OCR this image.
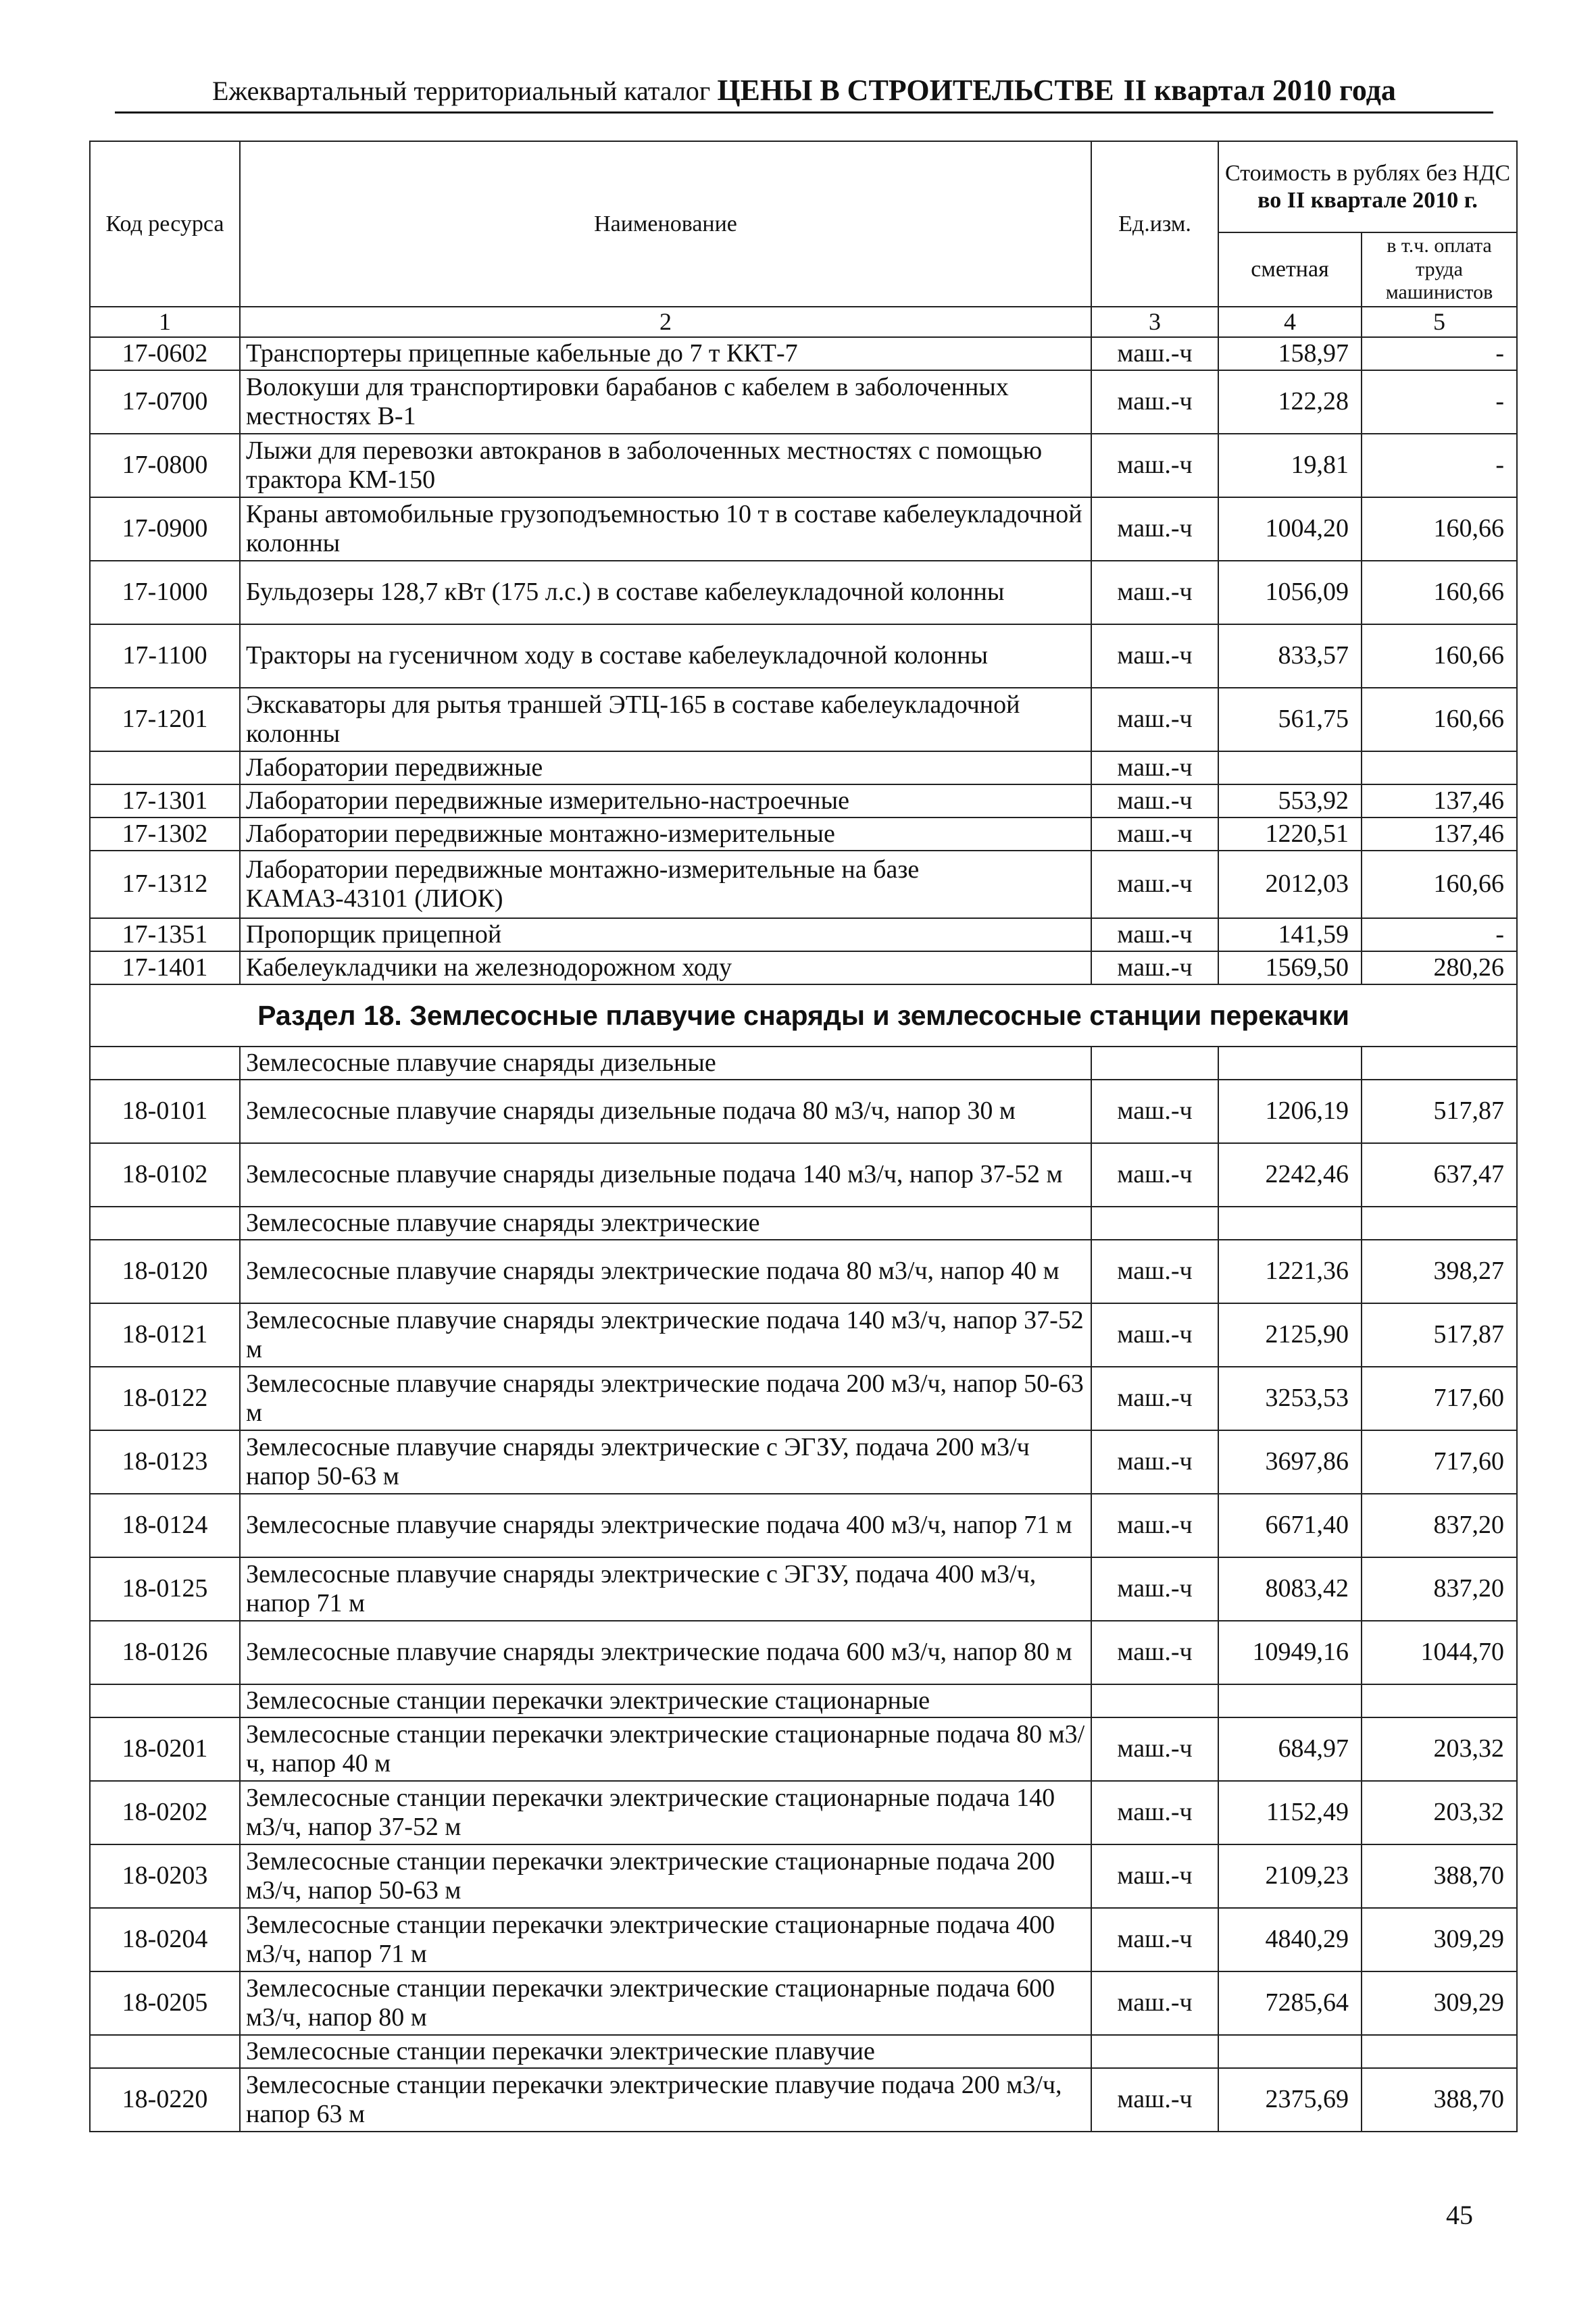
Ежеквартальный территориальный каталог ЦЕНЫ В СТРОИТЕЛЬСТВЕ II квартал 2010 года
Код ресурса	Наименование	Ед.изм.	Стоимость в рублях без НДС
во II квартале 2010 г.	

			сметная	в т.ч. оплата труда машинистов
1	2	3	4	5
17-0602	Транспортеры прицепные кабельные до 7 т ККТ-7	маш.-ч	158,97	-
17-0700	Волокуши для транспортировки барабанов с кабелем в заболоченных местностях В-1	маш.-ч	122,28	-
17-0800	Лыжи для перевозки автокранов в заболоченных местностях с помощью трактора КМ-150	маш.-ч	19,81	-
17-0900	Краны автомобильные грузоподъемностью 10 т в составе кабелеукладочной колонны	маш.-ч	1004,20	160,66
17-1000	Бульдозеры 128,7 кВт (175 л.с.) в составе кабелеукладочной колонны	маш.-ч	1056,09	160,66
17-1100	Тракторы на гусеничном ходу в составе кабелеукладочной колонны	маш.-ч	833,57	160,66
17-1201	Экскаваторы для рытья траншей ЭТЦ-165 в составе кабелеукладочной колонны	маш.-ч	561,75	160,66
	Лаборатории передвижные	маш.-ч		
17-1301	Лаборатории передвижные измерительно-настроечные	маш.-ч	553,92	137,46
17-1302	Лаборатории передвижные монтажно-измерительные	маш.-ч	1220,51	137,46
17-1312	Лаборатории передвижные монтажно-измерительные на базе КАМАЗ-43101 (ЛИОК)	маш.-ч	2012,03	160,66
17-1351	Пропорщик прицепной	маш.-ч	141,59	-
17-1401	Кабелеукладчики на железнодорожном ходу	маш.-ч	1569,50	280,26
Раздел 18. Землесосные плавучие снаряды и землесосные станции перекачки				
	Землесосные плавучие снаряды дизельные			
18-0101	Землесосные плавучие снаряды дизельные подача 80 м3/ч, напор 30 м	маш.-ч	1206,19	517,87
18-0102	Землесосные плавучие снаряды дизельные подача 140 м3/ч, напор 37-52 м	маш.-ч	2242,46	637,47
	Землесосные плавучие снаряды электрические			
18-0120	Землесосные плавучие снаряды электрические подача 80 м3/ч, напор 40 м	маш.-ч	1221,36	398,27
18-0121	Землесосные плавучие снаряды электрические подача 140 м3/ч, напор 37-52 м	маш.-ч	2125,90	517,87
18-0122	Землесосные плавучие снаряды электрические подача 200 м3/ч, напор 50-63 м	маш.-ч	3253,53	717,60
18-0123	Землесосные плавучие снаряды электрические с ЭГЗУ, подача 200 м3/ч напор 50-63 м	маш.-ч	3697,86	717,60
18-0124	Землесосные плавучие снаряды электрические подача 400 м3/ч, напор 71 м	маш.-ч	6671,40	837,20
18-0125	Землесосные плавучие снаряды электрические с ЭГЗУ, подача 400 м3/ч, напор 71 м	маш.-ч	8083,42	837,20
18-0126	Землесосные плавучие снаряды электрические подача 600 м3/ч, напор 80 м	маш.-ч	10949,16	1044,70
	Землесосные станции перекачки электрические стационарные			
18-0201	Землесосные станции перекачки электрические стационарные подача 80 м3/ч, напор 40 м	маш.-ч	684,97	203,32
18-0202	Землесосные станции перекачки электрические стационарные подача 140 м3/ч, напор 37-52 м	маш.-ч	1152,49	203,32
18-0203	Землесосные станции перекачки электрические стационарные подача 200 м3/ч, напор 50-63 м	маш.-ч	2109,23	388,70
18-0204	Землесосные станции перекачки электрические стационарные подача 400 м3/ч, напор 71 м	маш.-ч	4840,29	309,29
18-0205	Землесосные станции перекачки электрические стационарные подача 600 м3/ч, напор 80 м	маш.-ч	7285,64	309,29
	Землесосные станции перекачки электрические плавучие			
18-0220	Землесосные станции перекачки электрические плавучие подача 200 м3/ч, напор 63 м	маш.-ч	2375,69	388,70
45
